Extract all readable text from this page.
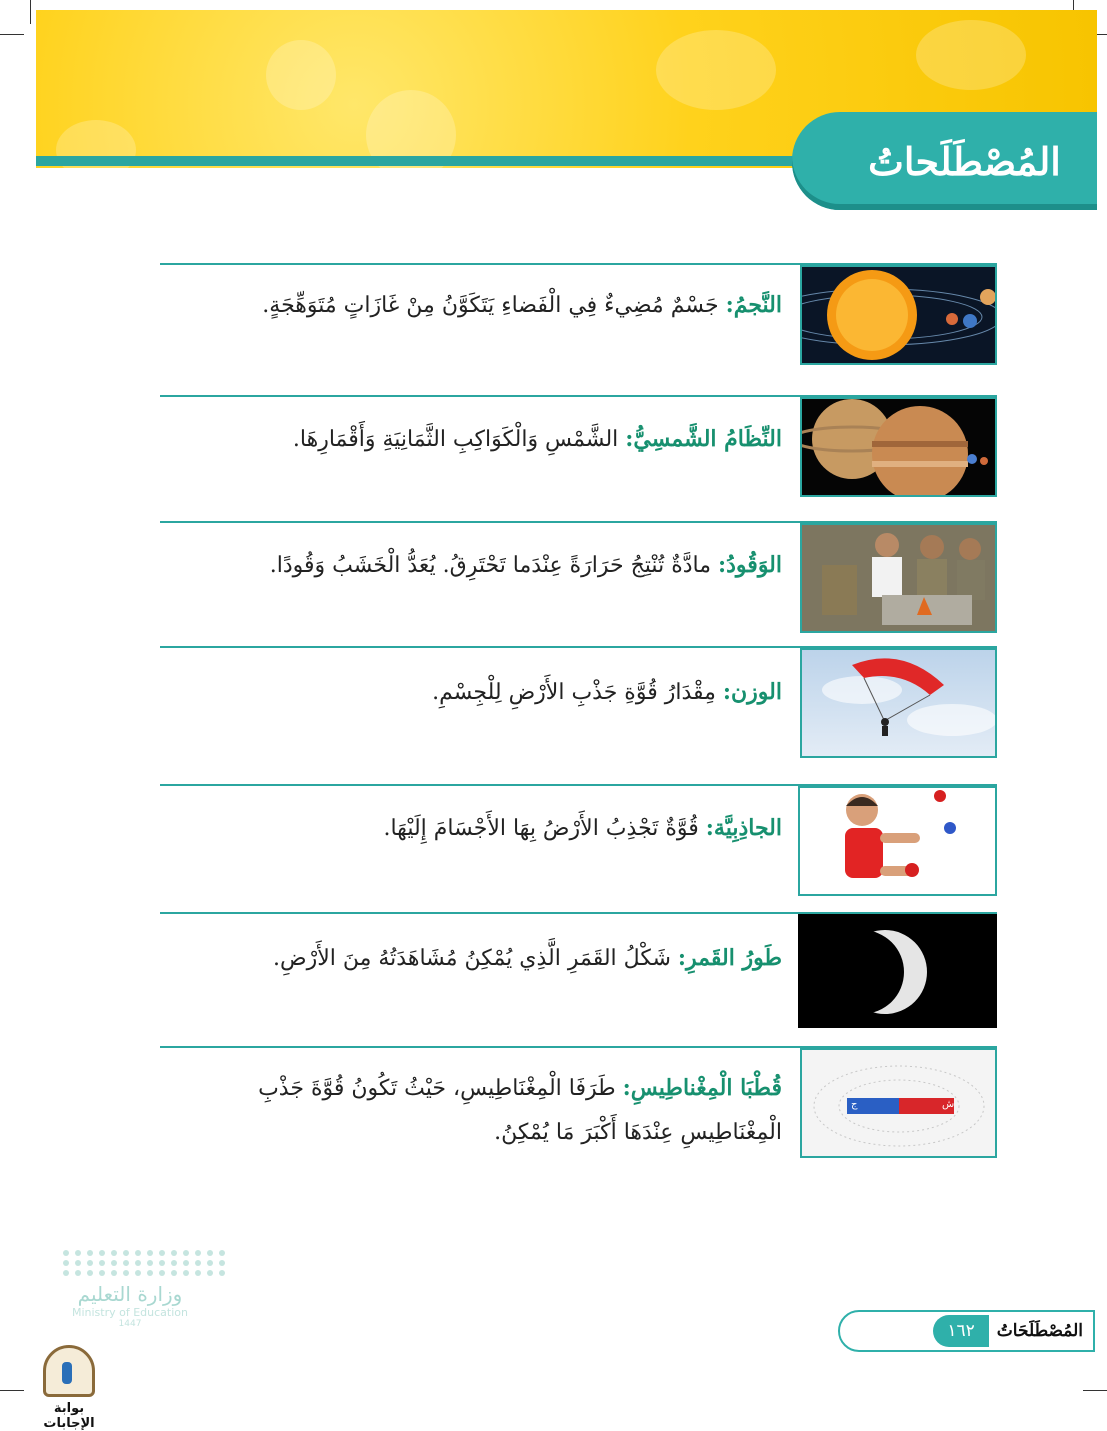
المُصْطَلَحاتُ
النَّجمُ: جَسْمٌ مُضِيءٌ فِي الْفَضاءِ يَتَكَوَّنُ مِنْ غَازَاتٍ مُتَوَهِّجَةٍ.
النِّظَامُ الشَّمسِيُّ: الشَّمْسِ وَالْكَوَاكِبِ الثَّمَانِيَةِ وَأَقْمَارِهَا.
الوَقُودُ: مادَّةٌ تُنْتِجُ حَرَارَةً عِنْدَما تَحْتَرِقُ. يُعَدُّ الْخَشَبُ وَقُودًا.
الوزن: مِقْدَارُ قُوَّةِ جَذْبِ الأَرْضِ لِلْجِسْمِ.
الجاذِبِيَّة: قُوَّةٌ تَجْذِبُ الأَرْضُ بِهَا الأَجْسَامَ إِلَيْهَا.
طَورُ القَمرِ: شَكْلُ القَمَرِ الَّذِي يُمْكِنُ مُشَاهَدَتُهُ مِنَ الأَرْضِ.
قُطْبَا الْمِغْناطِيسِ: طَرَفَا الْمِغْنَاطِيسِ، حَيْثُ تَكُونُ قُوَّةَ جَذْبِ الْمِغْنَاطِيسِ عِنْدَهَا أَكْبَرَ مَا يُمْكِنُ.
ج	ش
وزارة التعليم
Ministry of Education
1447
بوابة الإجابات
المُصْطَلَحَاتُ
١٦٢
